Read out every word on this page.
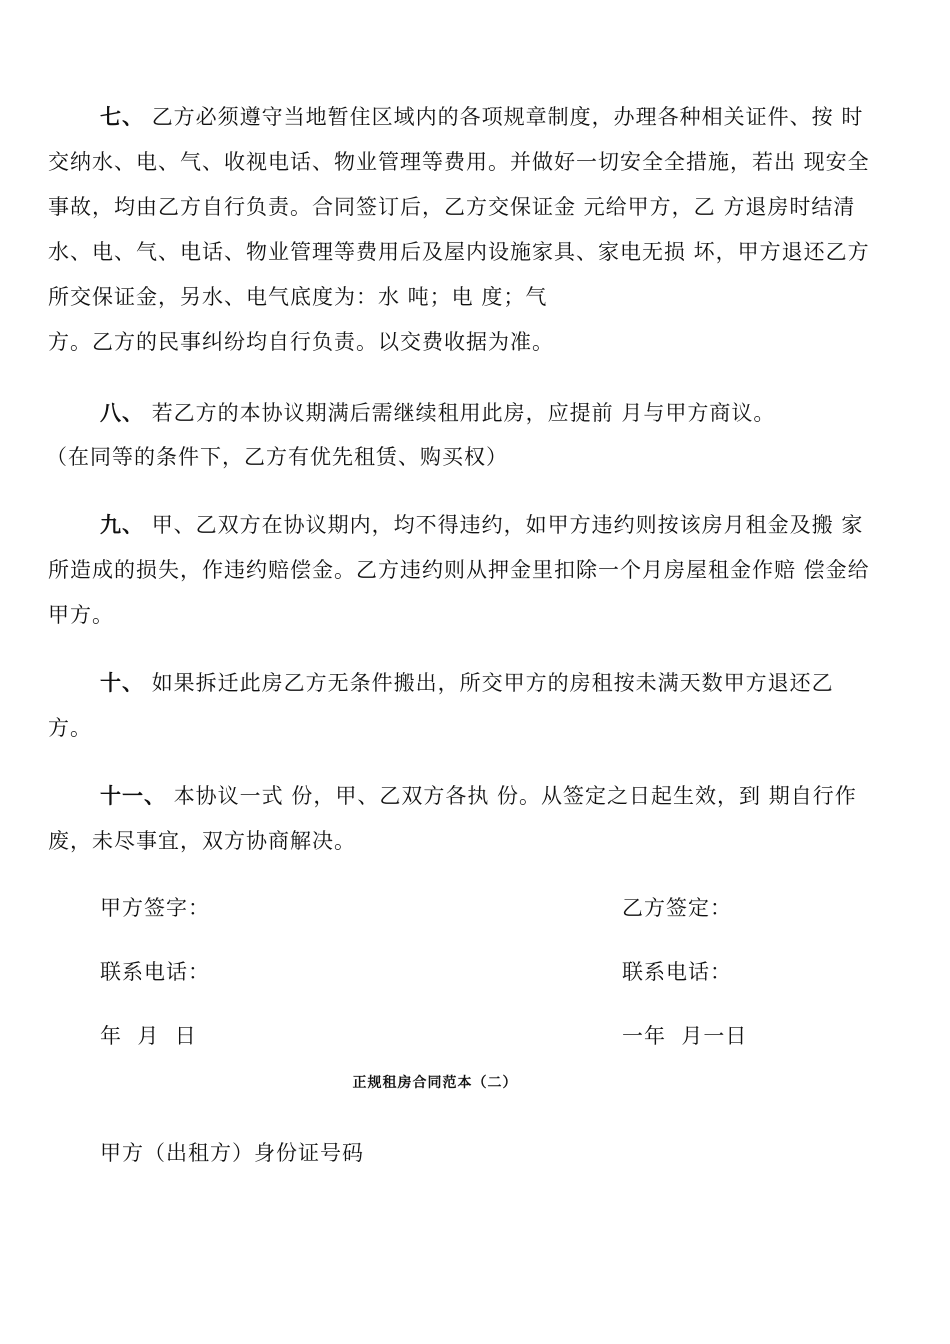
七、 乙方必须遵守当地暂住区域内的各项规章制度，办理各种相关证件、按 时
交纳水、电、气、收视电话、物业管理等费用。并做好一切安全全措施，若出 现安全
事故，均由乙方自行负责。合同签订后，乙方交保证金 元给甲方，乙 方退房时结清
水、电、气、电话、物业管理等费用后及屋内设施家具、家电无损 坏，甲方退还乙方
所交保证金，另水、电气底度为：水 吨；电 度；气
方。乙方的民事纠纷均自行负责。以交费收据为准。

八、 若乙方的本协议期满后需继续租用此房，应提前 月与甲方商议。

（在同等的条件下，乙方有优先租赁、购买权）

九、 甲、乙双方在协议期内，均不得违约，如甲方违约则按该房月租金及搬 家
所造成的损失，作违约赔偿金。乙方违约则从押金里扣除一个月房屋租金作赔 偿金给
甲方。

十、 如果拆迁此房乙方无条件搬出，所交甲方的房租按未满天数甲方退还乙
方。

十一、 本协议一式 份，甲、乙双方各执 份。从签定之日起生效，到 期自行作
废，未尽事宜，双方协商解决。

甲方签字：	乙方签定：
联系电话：	联系电话：
年  月  日	一年  月一日
正规租房合同范本（二）
甲方（出租方）身份证号码
